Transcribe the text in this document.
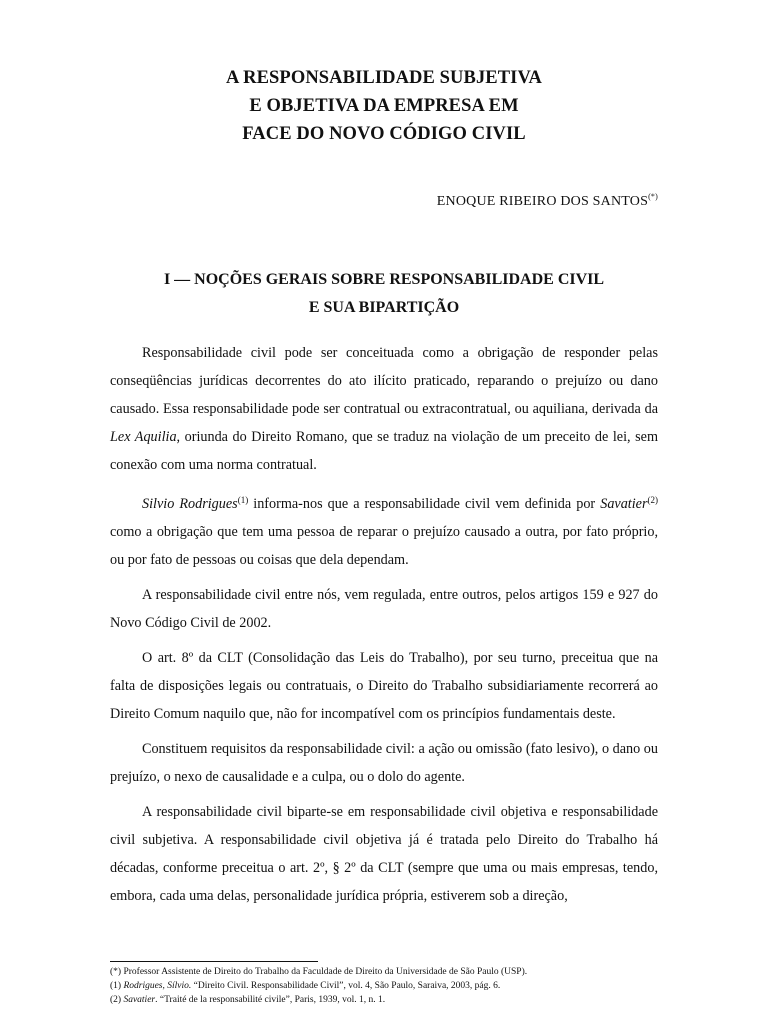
A RESPONSABILIDADE SUBJETIVA
E OBJETIVA DA EMPRESA EM
FACE DO NOVO CÓDIGO CIVIL
ENOQUE RIBEIRO DOS SANTOS(*)
I — NOÇÕES GERAIS SOBRE RESPONSABILIDADE CIVIL
E SUA BIPARTIÇÃO

Responsabilidade civil pode ser conceituada como a obrigação de responder pelas conseqüências jurídicas decorrentes do ato ilícito praticado, reparando o prejuízo ou dano causado. Essa responsabilidade pode ser contratual ou extracontratual, ou aquiliana, derivada da Lex Aquilia, oriunda do Direito Romano, que se traduz na violação de um preceito de lei, sem conexão com uma norma contratual.

Silvio Rodrigues$^{(1)}$ informa-nos que a responsabilidade civil vem definida por Savatier$^{(2)}$ como a obrigação que tem uma pessoa de reparar o prejuízo causado a outra, por fato próprio, ou por fato de pessoas ou coisas que dela dependam.

A responsabilidade civil entre nós, vem regulada, entre outros, pelos artigos 159 e 927 do Novo Código Civil de 2002.

O art. 8º da CLT (Consolidação das Leis do Trabalho), por seu turno, preceitua que na falta de disposições legais ou contratuais, o Direito do Trabalho subsidiariamente recorrerá ao Direito Comum naquilo que, não for incompatível com os princípios fundamentais deste.

Constituem requisitos da responsabilidade civil: a ação ou omissão (fato lesivo), o dano ou prejuízo, o nexo de causalidade e a culpa, ou o dolo do agente.

A responsabilidade civil biparte-se em responsabilidade civil objetiva e responsabilidade civil subjetiva. A responsabilidade civil objetiva já é tratada pelo Direito do Trabalho há décadas, conforme preceitua o art. 2º, § 2º da CLT (sempre que uma ou mais empresas, tendo, embora, cada uma delas, personalidade jurídica própria, estiverem sob a direção,

(*) Professor Assistente de Direito do Trabalho da Faculdade de Direito da Universidade de São Paulo (USP).
(1) Rodrigues, Sílvio. “Direito Civil. Responsabilidade Civil”, vol. 4, São Paulo, Saraiva, 2003, pág. 6.
(2) Savatier. “Traité de la responsabilité civile”, Paris, 1939, vol. 1, n. 1.
